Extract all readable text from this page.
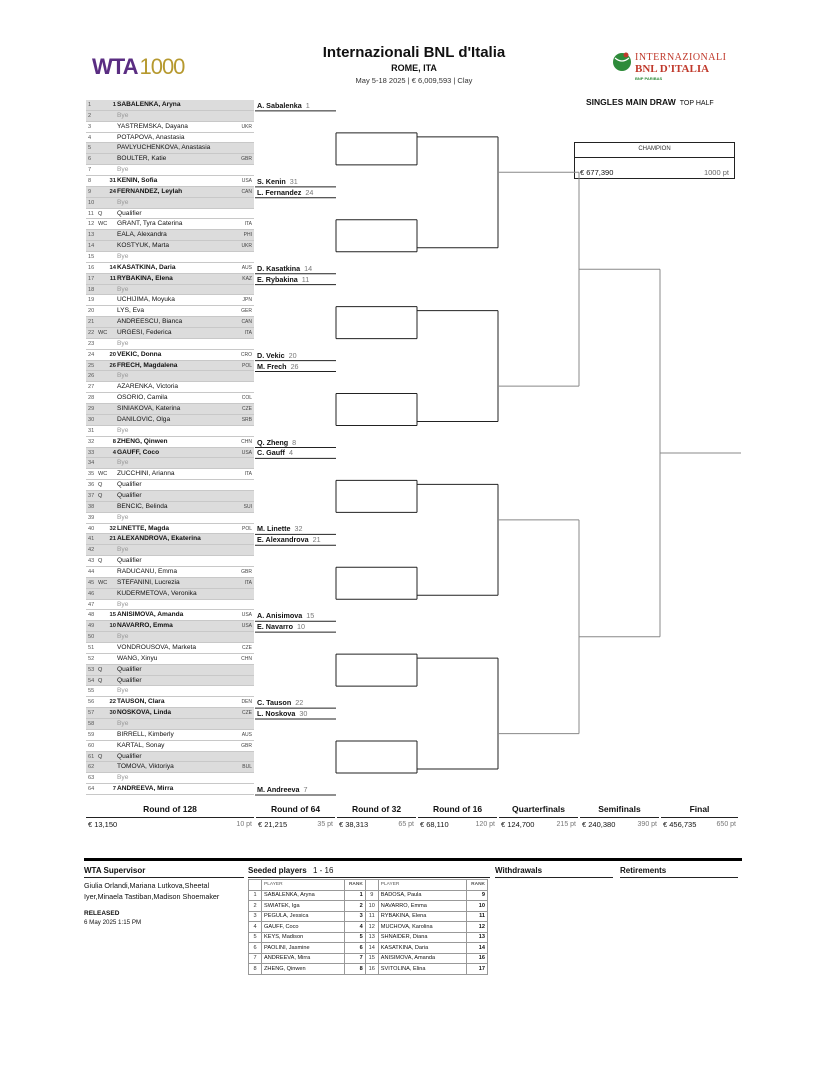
WTA1000
Internazionali BNL d'Italia
ROME, ITA
May 5-18 2025 | € 6,009,593 | Clay
INTERNAZIONALI
BNL D'ITALIA
BNP PARIBAS
SINGLES MAIN DRAW TOP HALF
CHAMPION
€ 677,390	1000 pt
1	1 SABALENKA, Aryna
2	Bye
3	YASTREMSKA, Dayana	UKR
4	POTAPOVA, Anastasia
5	PAVLYUCHENKOVA, Anastasia
6	BOULTER, Katie	GBR
7	Bye
8	31 KENIN, Sofia	USA
9	24 FERNANDEZ, Leylah	CAN
10	Bye
11 Q Qualifier
12 WC GRANT, Tyra Caterina	ITA
13	EALA, Alexandra	PHI
14	KOSTYUK, Marta	UKR
15	Bye
16	14 KASATKINA, Daria	AUS
17	11 RYBAKINA, Elena	KAZ
18	Bye
19	UCHIJIMA, Moyuka	JPN
20	LYS, Eva	GER
21	ANDREESCU, Bianca	CAN
22 WC URGESI, Federica	ITA
23	Bye
24	20 VEKIC, Donna	CRO
25	26 FRECH, Magdalena	POL
26	Bye
27	AZARENKA, Victoria
28	OSORIO, Camila	COL
29	SINIAKOVA, Katerina	CZE
30	DANILOVIC, Olga	SRB
31	Bye
32	8 ZHENG, Qinwen	CHN
33	4 GAUFF, Coco	USA
34	Bye
35 WC ZUCCHINI, Arianna	ITA
36 Q Qualifier
37 Q Qualifier
38	BENCIC, Belinda	SUI
39	Bye
40	32 LINETTE, Magda	POL
41	21 ALEXANDROVA, Ekaterina
42	Bye
43 Q Qualifier
44	RADUCANU, Emma	GBR
45 WC STEFANINI, Lucrezia	ITA
46	KUDERMETOVA, Veronika
47	Bye
48	15 ANISIMOVA, Amanda	USA
49	10 NAVARRO, Emma	USA
50	Bye
51	VONDROUSOVA, Marketa	CZE
52	WANG, Xinyu	CHN
53 Q Qualifier
54 Q Qualifier
55	Bye
56	22 TAUSON, Clara	DEN
57	30 NOSKOVA, Linda	CZE
58	Bye
59	BIRRELL, Kimberly	AUS
60	KARTAL, Sonay	GBR
61 Q Qualifier
62	TOMOVA, Viktoriya	BUL
63	Bye
64	7 ANDREEVA, Mirra
A. Sabalenka 1
S. Kenin 31
L. Fernandez 24
D. Kasatkina 14
E. Rybakina 11
D. Vekic 20
M. Frech 26
Q. Zheng 8
C. Gauff 4
M. Linette 32
E. Alexandrova 21
A. Anisimova 15
E. Navarro 10
C. Tauson 22
L. Noskova 30
M. Andreeva 7
Round of 128
€ 13,150	10 pt
Round of 64
€ 21,215	35 pt
Round of 32
€ 38,313	65 pt
Round of 16
€ 68,110	120 pt
Quarterfinals
€ 124,700	215 pt
Semifinals
€ 240,380	390 pt
Final
€ 456,735	650 pt
WTA Supervisor
Giulia Orlandi,Mariana Lutkova,Sheetal Iyer,Minaela Tastiban,Madison Shoemaker
RELEASED
6 May 2025 1:15 PM
Seeded players 1 - 16
	PLAYER	RANK		PLAYER	RANK
1	SABALENKA, Aryna	1	9	BADOSA, Paula	9
2	SWIATEK, Iga	2	10	NAVARRO, Emma	10
3	PEGULA, Jessica	3	11	RYBAKINA, Elena	11
4	GAUFF, Coco	4	12	MUCHOVA, Karolina	12
5	KEYS, Madison	5	13	SHNAIDER, Diana	13
6	PAOLINI, Jasmine	6	14	KASATKINA, Daria	14
7	ANDREEVA, Mirra	7	15	ANISIMOVA, Amanda	16
8	ZHENG, Qinwen	8	16	SVITOLINA, Elina	17
Withdrawals	Retirements
